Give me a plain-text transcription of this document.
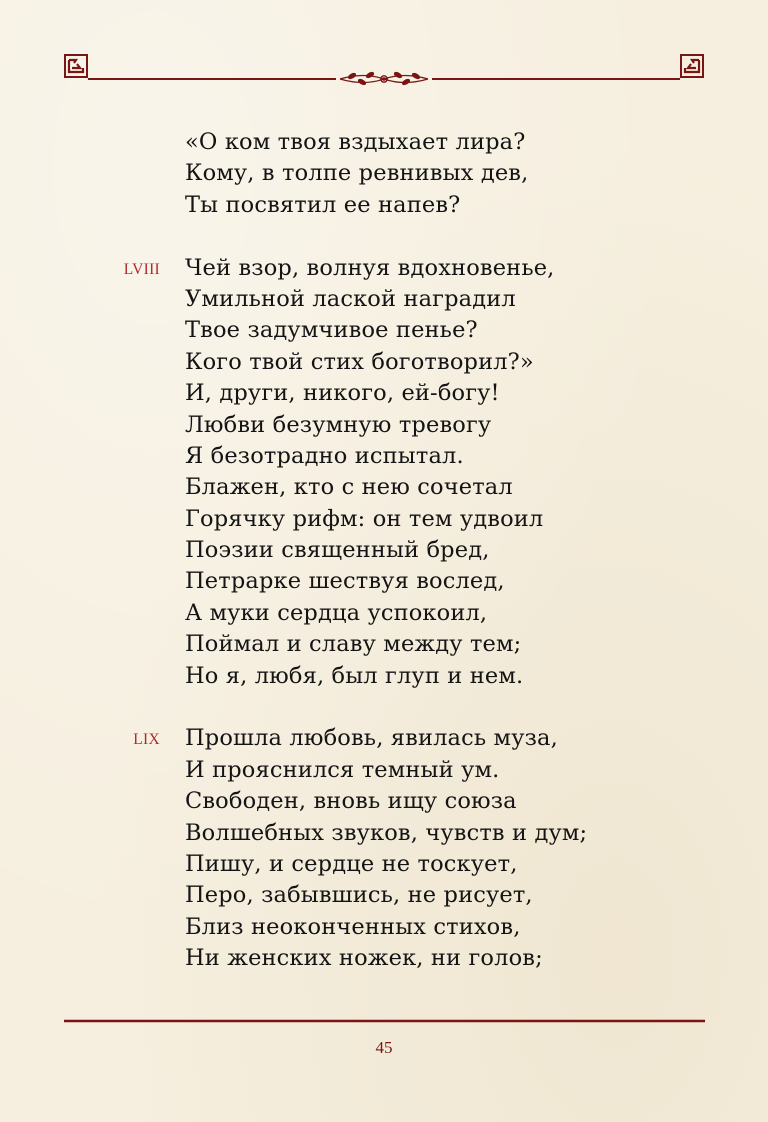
«О ком твоя вздыхает лира?
Кому, в толпе ревнивых дев,
Ты посвятил ее напев?
LVIII	Чей взор, волнуя вдохновенье,
Умильной лаской наградил
Твое задумчивое пенье?
Кого твой стих боготворил?»
И, други, никого, ей-богу!
Любви безумную тревогу
Я безотрадно испытал.
Блажен, кто с нею сочетал
Горячку рифм: он тем удвоил
Поэзии священный бред,
Петрарке шествуя вослед,
А муки сердца успокоил,
Поймал и славу между тем;
Но я, любя, был глуп и нем.
LIX	Прошла любовь, явилась муза,
И прояснился темный ум.
Свободен, вновь ищу союза
Волшебных звуков, чувств и дум;
Пишу, и сердце не тоскует,
Перо, забывшись, не рисует,
Близ неоконченных стихов,
Ни женских ножек, ни голов;
45
